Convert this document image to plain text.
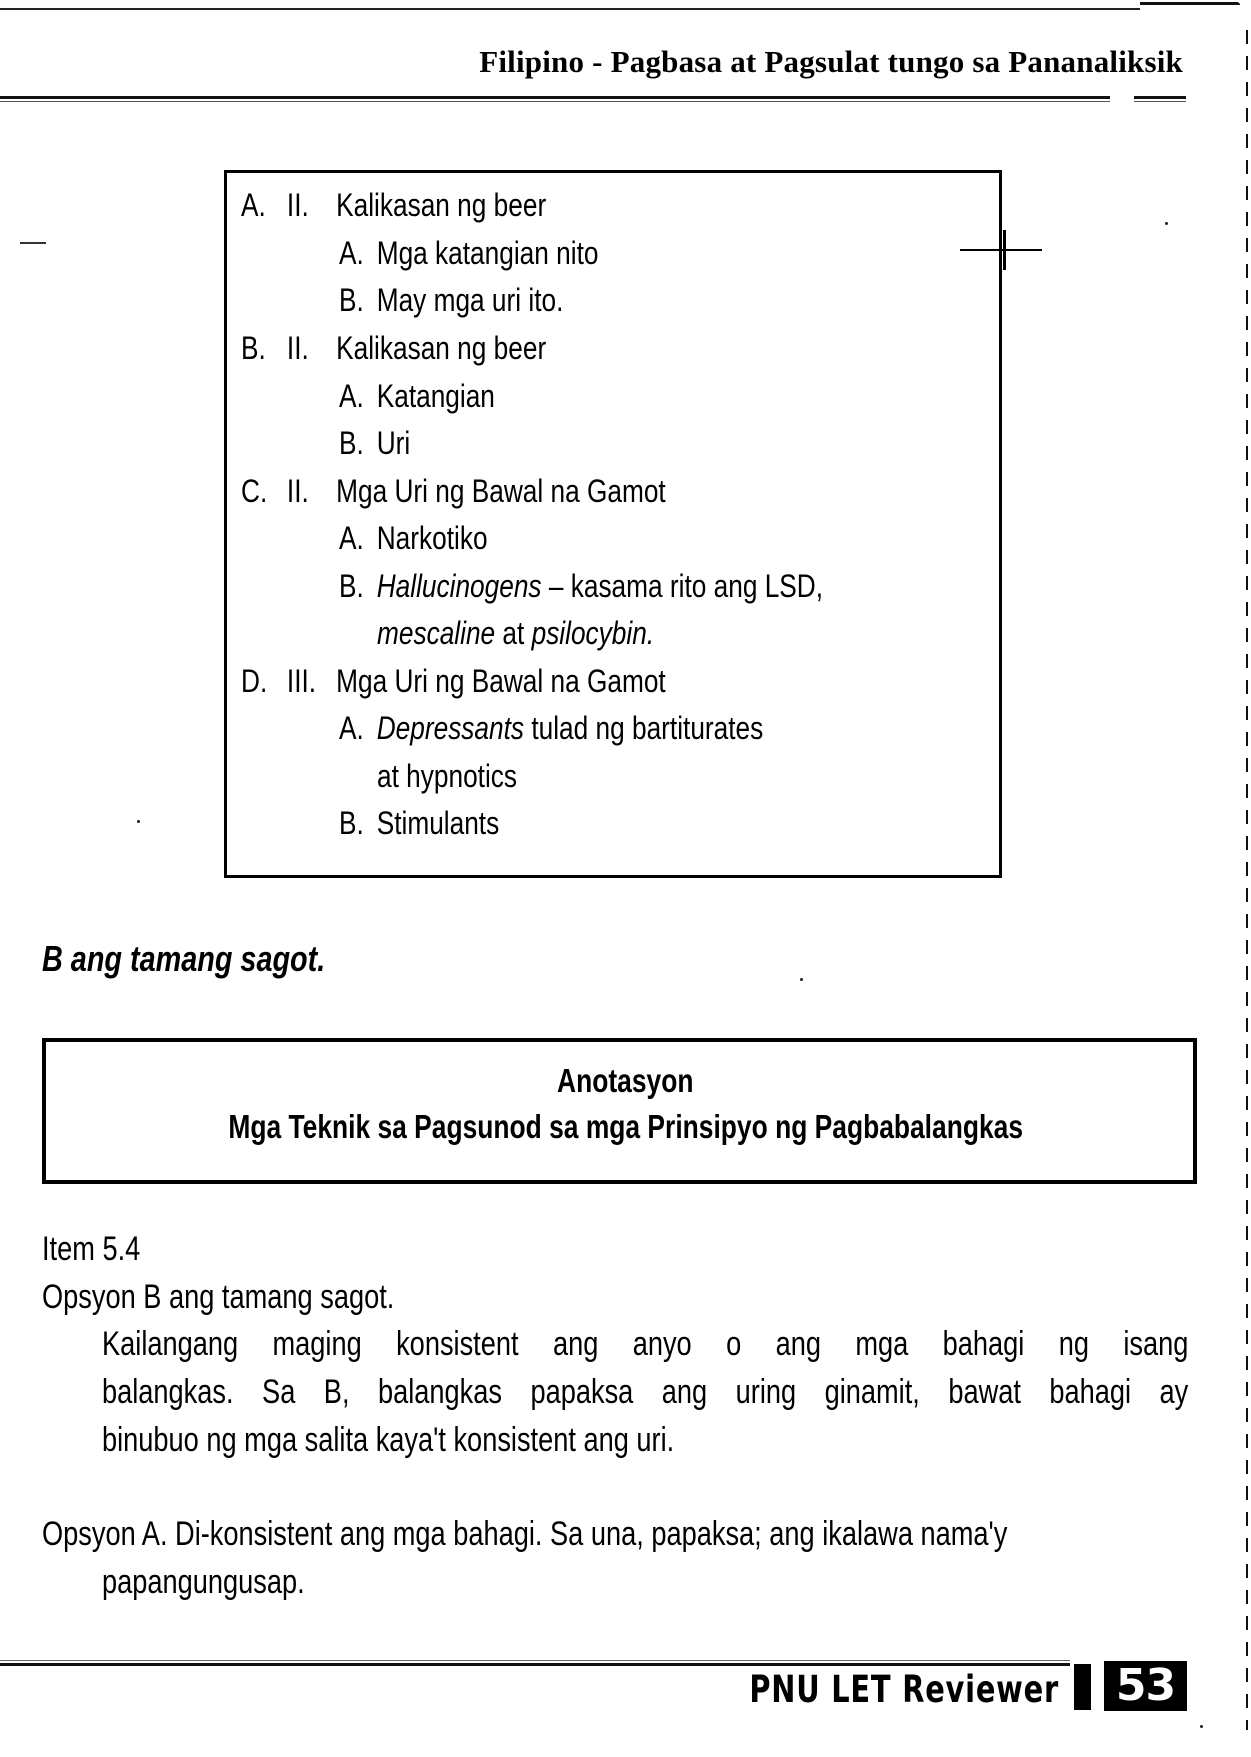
Filipino - Pagbasa at Pagsulat tungo sa Pananaliksik
A. II. Kalikasan ng beer
A. Mga katangian nito
B. May mga uri ito.
B. II. Kalikasan ng beer
A. Katangian
B. Uri
C. II. Mga Uri ng Bawal na Gamot
A. Narkotiko
B. Hallucinogens – kasama rito ang LSD,
mescaline at psilocybin.
D. III. Mga Uri ng Bawal na Gamot
A. Depressants tulad ng bartiturates
at hypnotics
B. Stimulants
B ang tamang sagot.
Anotasyon
Mga Teknik sa Pagsunod sa mga Prinsipyo ng Pagbabalangkas
Item 5.4
Opsyon B ang tamang sagot.
Kailangang maging konsistent ang anyo o ang mga bahagi ng isang
balangkas. Sa B, balangkas papaksa ang uring ginamit, bawat bahagi ay
binubuo ng mga salita kaya't konsistent ang uri.
Opsyon A. Di-konsistent ang mga bahagi. Sa una, papaksa; ang ikalawa nama'y
papangungusap.
PNU LET Reviewer 53
